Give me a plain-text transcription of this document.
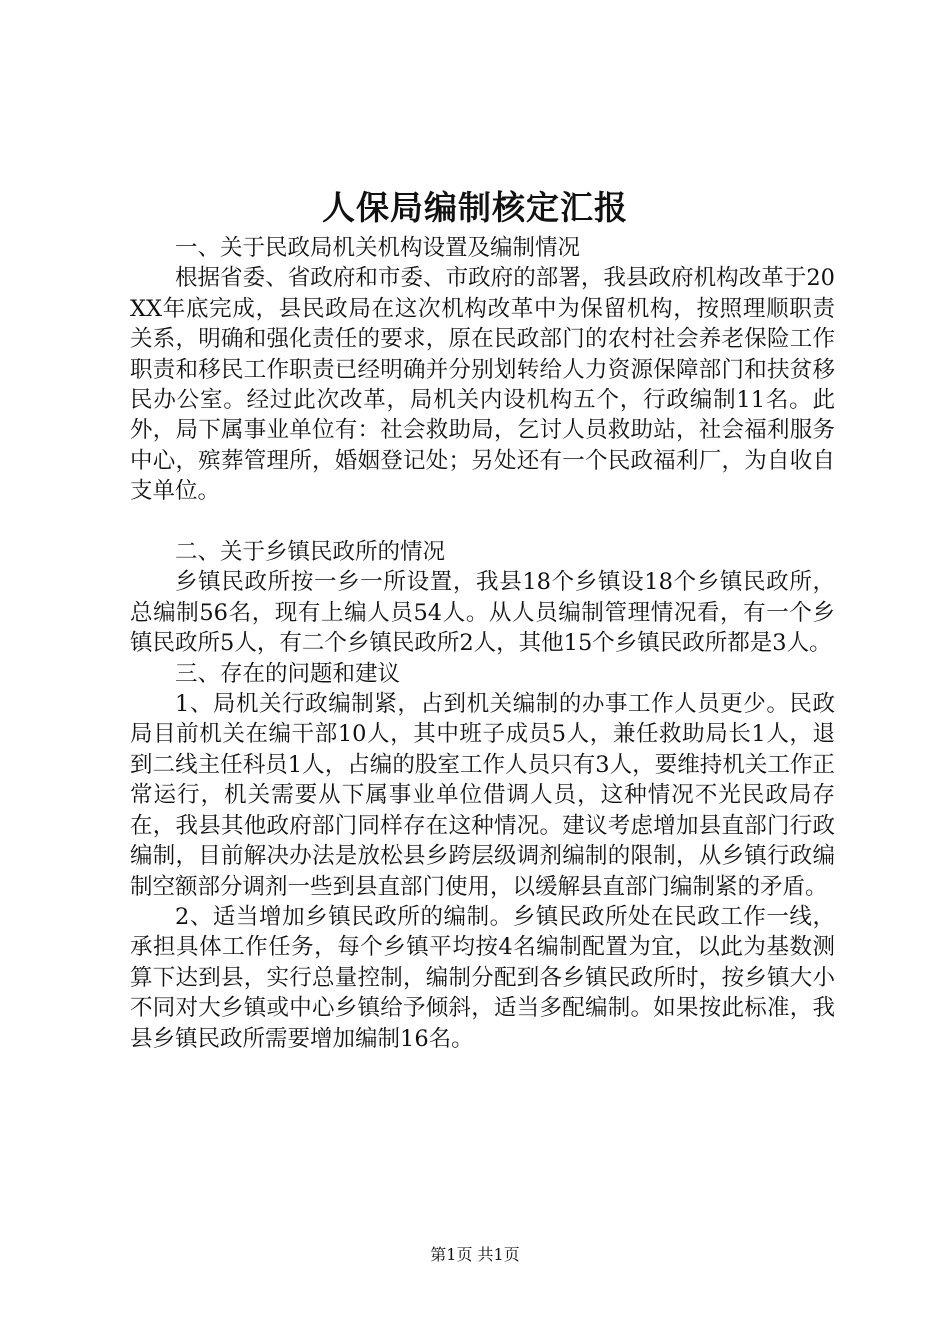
人保局编制核定汇报

一、关于民政局机关机构设置及编制情况

根据省委、省政府和市委、市政府的部署，我县政府机构改革于20XX年底完成，县民政局在这次机构改革中为保留机构，按照理顺职责关系，明确和强化责任的要求，原在民政部门的农村社会养老保险工作职责和移民工作职责已经明确并分别划转给人力资源保障部门和扶贫移民办公室。经过此次改革，局机关内设机构五个，行政编制11名。此外，局下属事业单位有：社会救助局，乞讨人员救助站，社会福利服务中心，殡葬管理所，婚姻登记处；另处还有一个民政福利厂，为自收自支单位。

二、关于乡镇民政所的情况

乡镇民政所按一乡一所设置，我县18个乡镇设18个乡镇民政所，总编制56名，现有上编人员54人。从人员编制管理情况看，有一个乡镇民政所5人，有二个乡镇民政所2人，其他15个乡镇民政所都是3人。

三、存在的问题和建议

1、局机关行政编制紧，占到机关编制的办事工作人员更少。民政局目前机关在编干部10人，其中班子成员5人，兼任救助局长1人，退到二线主任科员1人，占编的股室工作人员只有3人，要维持机关工作正常运行，机关需要从下属事业单位借调人员，这种情况不光民政局存在，我县其他政府部门同样存在这种情况。建议考虑增加县直部门行政编制，目前解决办法是放松县乡跨层级调剂编制的限制，从乡镇行政编制空额部分调剂一些到县直部门使用，以缓解县直部门编制紧的矛盾。

2、适当增加乡镇民政所的编制。乡镇民政所处在民政工作一线，承担具体工作任务，每个乡镇平均按4名编制配置为宜，以此为基数测算下达到县，实行总量控制，编制分配到各乡镇民政所时，按乡镇大小不同对大乡镇或中心乡镇给予倾斜，适当多配编制。如果按此标准，我县乡镇民政所需要增加编制16名。

第1页 共1页
